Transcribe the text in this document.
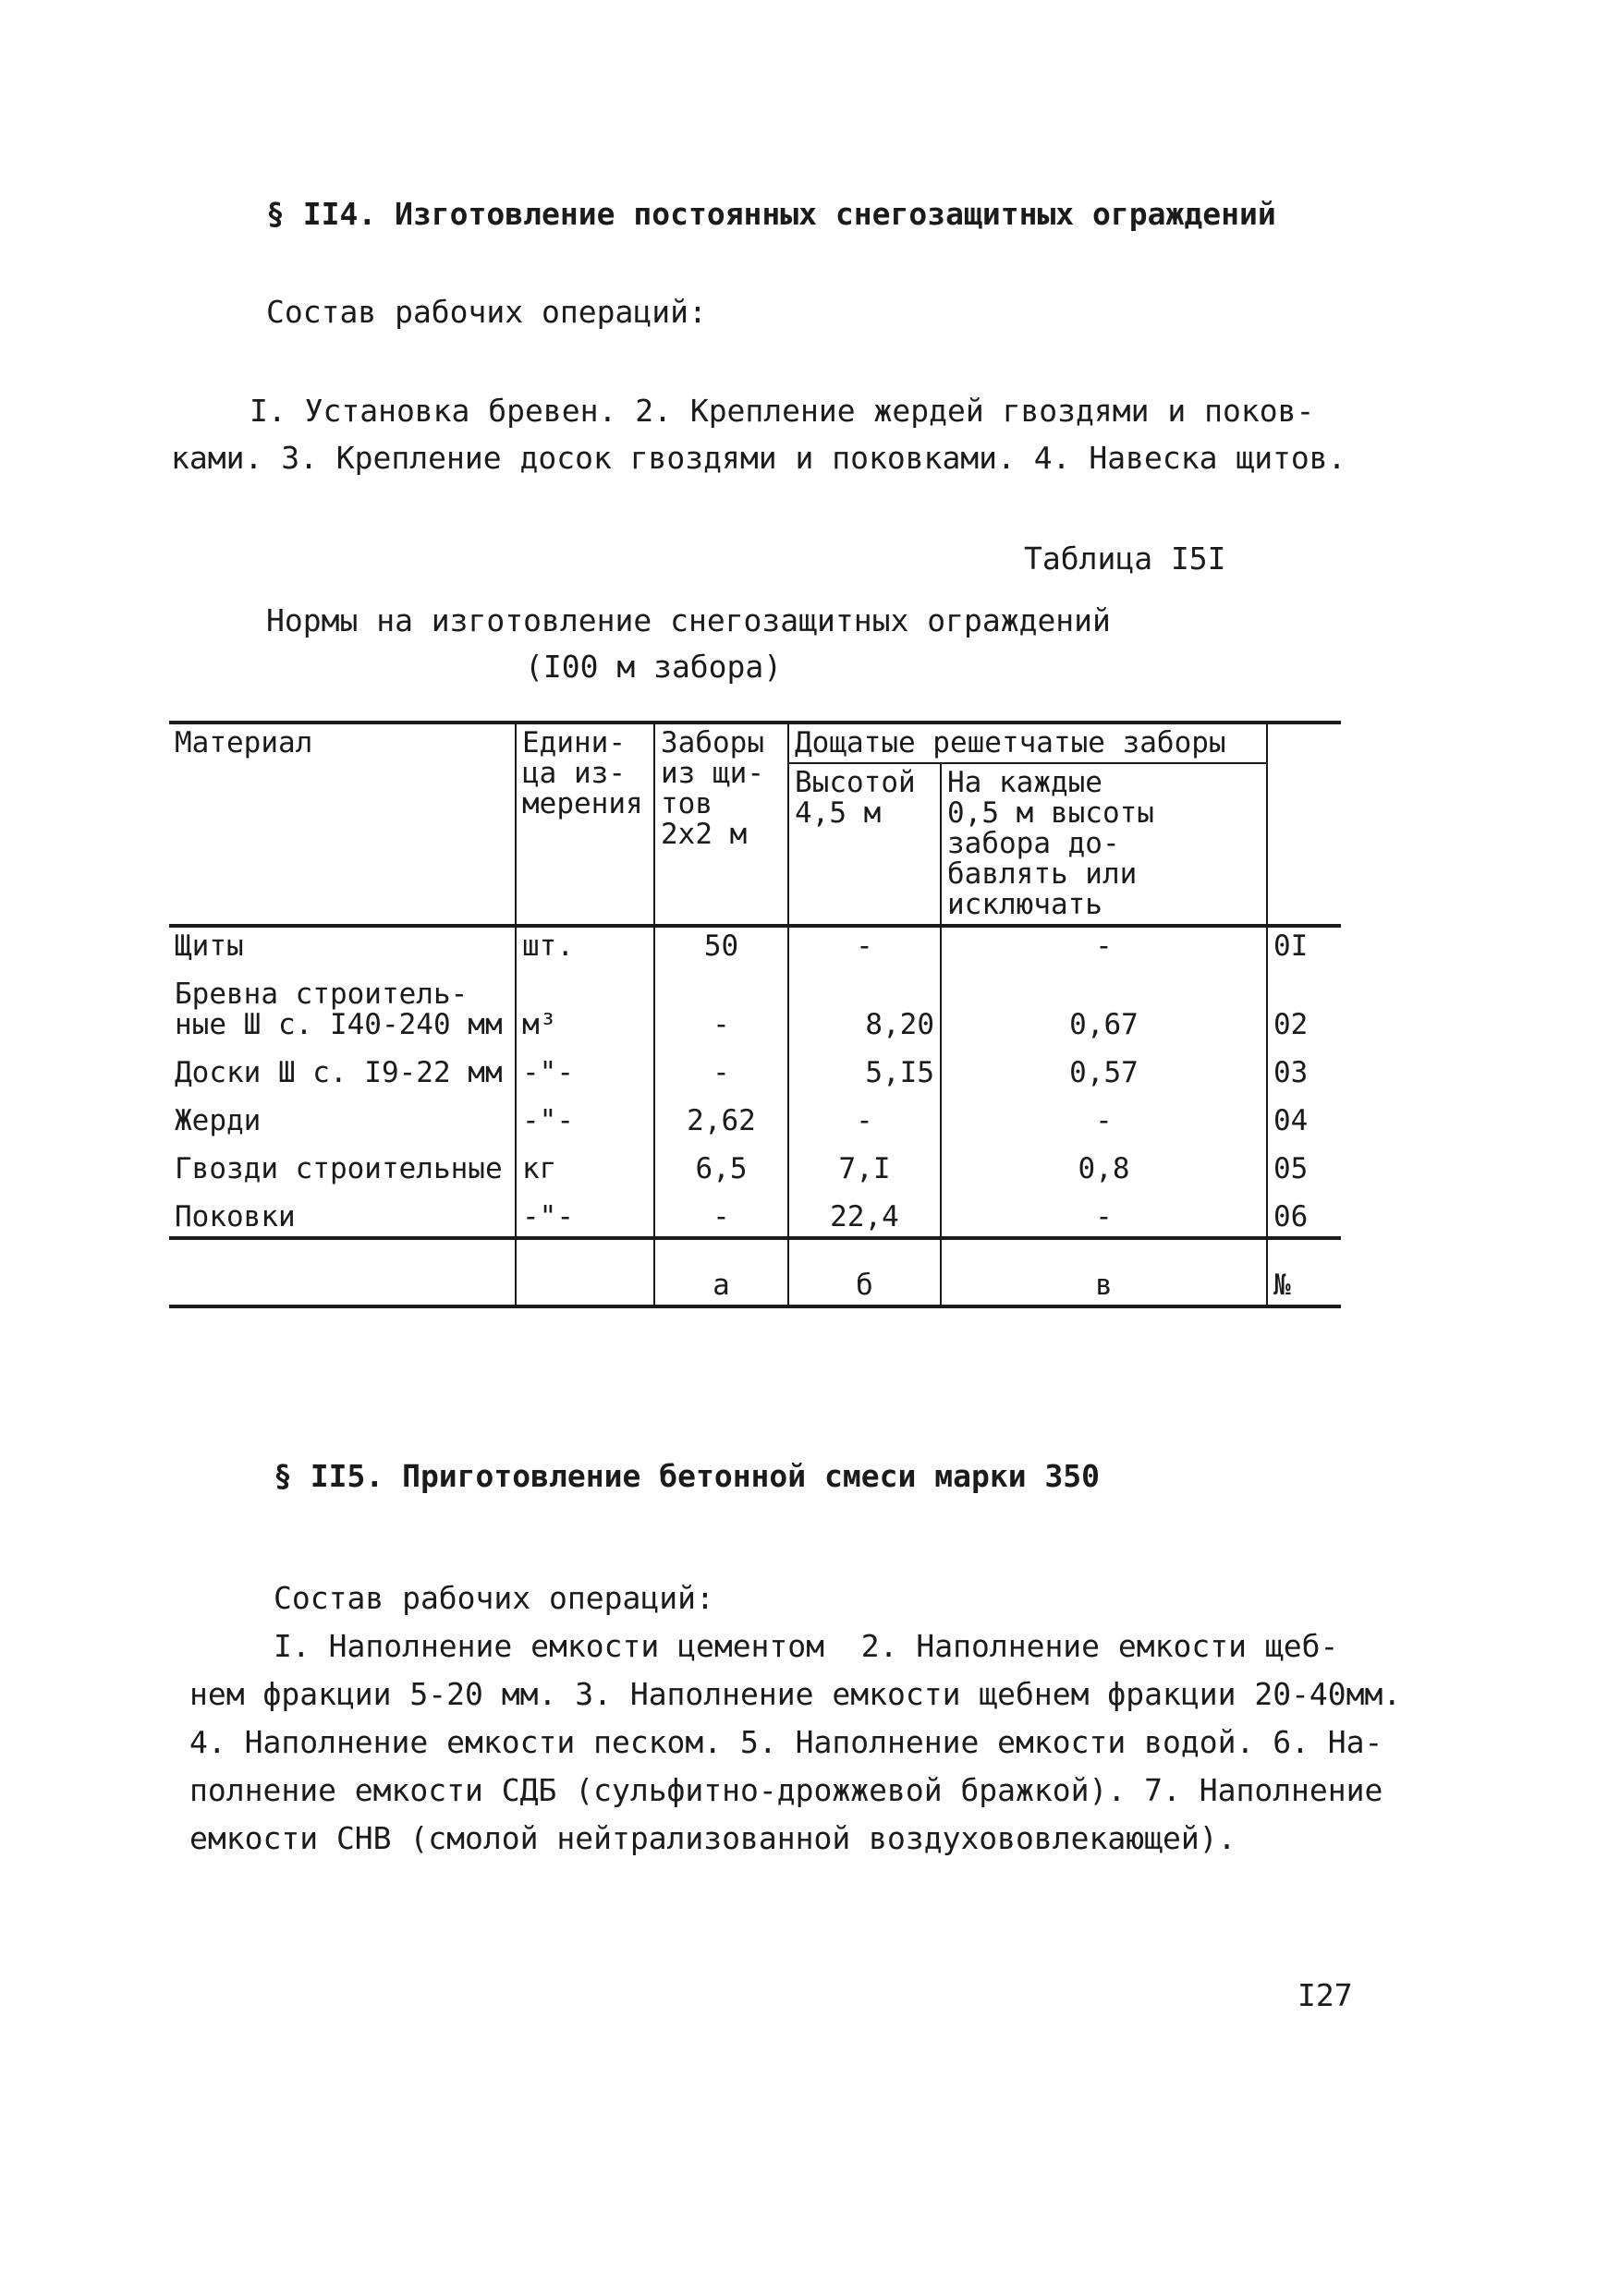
§ II4. Изготовление постоянных снегозащитных ограждений
Состав рабочих операций:
I. Установка бревен. 2. Крепление жердей гвоздями и поков-
ками. 3. Крепление досок гвоздями и поковками. 4. Навеска щитов.
Таблица I5I
Нормы на изготовление снегозащитных ограждений
(I00 м забора)
Материал	Едини-
ца из-
мерения	Заборы
из щи-
тов
2х2 м	Дощатые решетчатые заборы		
			Высотой
4,5 м	На каждые
0,5 м высоты
забора до-
бавлять или
исключать	
Щиты	шт.	50	-	-	0I
Бревна строитель-
ные Ш с. I40-240 мм	м³	-	8,20	0,67	02
Доски Ш с. I9-22 мм	-"-	-	5,I5	0,57	03
Жерди	-"-	2,62	-	-	04
Гвозди строительные	кг	6,5	7,I	0,8	05
Поковки	-"-	-	22,4	-	06
		а	б	в	№
§ II5. Приготовление бетонной смеси марки 350
Состав рабочих операций:
I. Наполнение емкости цементом  2. Наполнение емкости щеб-
нем фракции 5-20 мм. 3. Наполнение емкости щебнем фракции 20-40мм.
4. Наполнение емкости песком. 5. Наполнение емкости водой. 6. На-
полнение емкости СДБ (сульфитно-дрожжевой бражкой). 7. Наполнение
емкости СНВ (смолой нейтрализованной воздухововлекающей).
I27
